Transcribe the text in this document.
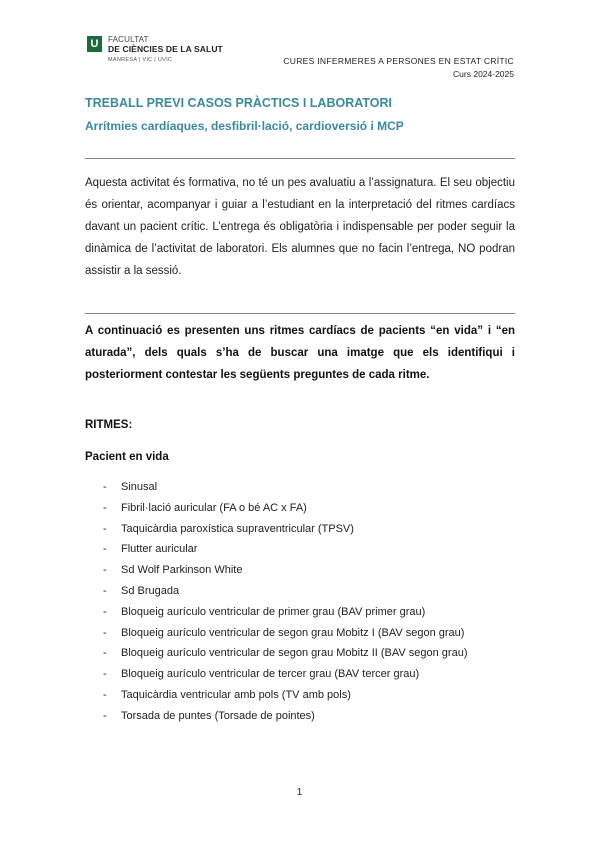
U	FACULTAT
DE CIÈNCIES DE LA SALUT
MANRESA | VIC | UVIC	CURES INFERMERES A PERSONES EN ESTAT CRÍTIC
Curs 2024-2025
TREBALL PREVI CASOS PRÀCTICS I LABORATORI
Arrítmies cardíaques, desfibril·lació, cardioversió i MCP
Aquesta activitat és formativa, no té un pes avaluatiu a l’assignatura. El seu objectiu és orientar, acompanyar i guiar a l’estudiant en la interpretació del ritmes cardíacs davant un pacient crític. L’entrega és obligatòria i indispensable per poder seguir la dinàmica de l’activitat de laboratori. Els alumnes que no facin l’entrega, NO podran assistir a la sessió.
A continuació es presenten uns ritmes cardíacs de pacients “en vida” i “en aturada”, dels quals s’ha de buscar una imatge que els identifiqui i posteriorment contestar les següents preguntes de cada ritme.
RITMES:
Pacient en vida
-	Sinusal
-	Fibril·lació auricular (FA o bé AC x FA)
-	Taquicàrdia paroxística supraventricular (TPSV)
-	Flutter auricular
-	Sd Wolf Parkinson White
-	Sd Brugada
-	Bloqueig aurículo ventricular de primer grau (BAV primer grau)
-	Bloqueig aurículo ventricular de segon grau Mobitz I (BAV segon grau)
-	Bloqueig aurículo ventricular de segon grau Mobitz II (BAV segon grau)
-	Bloqueig aurículo ventricular de tercer grau (BAV tercer grau)
-	Taquicàrdia ventricular amb pols (TV amb pols)
-	Torsada de puntes (Torsade de pointes)
1
